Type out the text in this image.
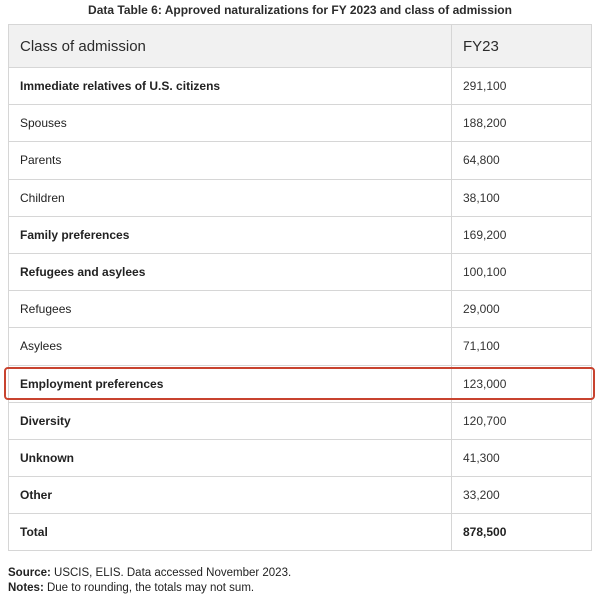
Data Table 6: Approved naturalizations for FY 2023 and class of admission
Class of admission	FY23
Immediate relatives of U.S. citizens	291,100
Spouses	188,200
Parents	64,800
Children	38,100
Family preferences	169,200
Refugees and asylees	100,100
Refugees	29,000
Asylees	71,100
Employment preferences	123,000
Diversity	120,700
Unknown	41,300
Other	33,200
Total	878,500
Source: USCIS, ELIS. Data accessed November 2023.
Notes: Due to rounding, the totals may not sum.
